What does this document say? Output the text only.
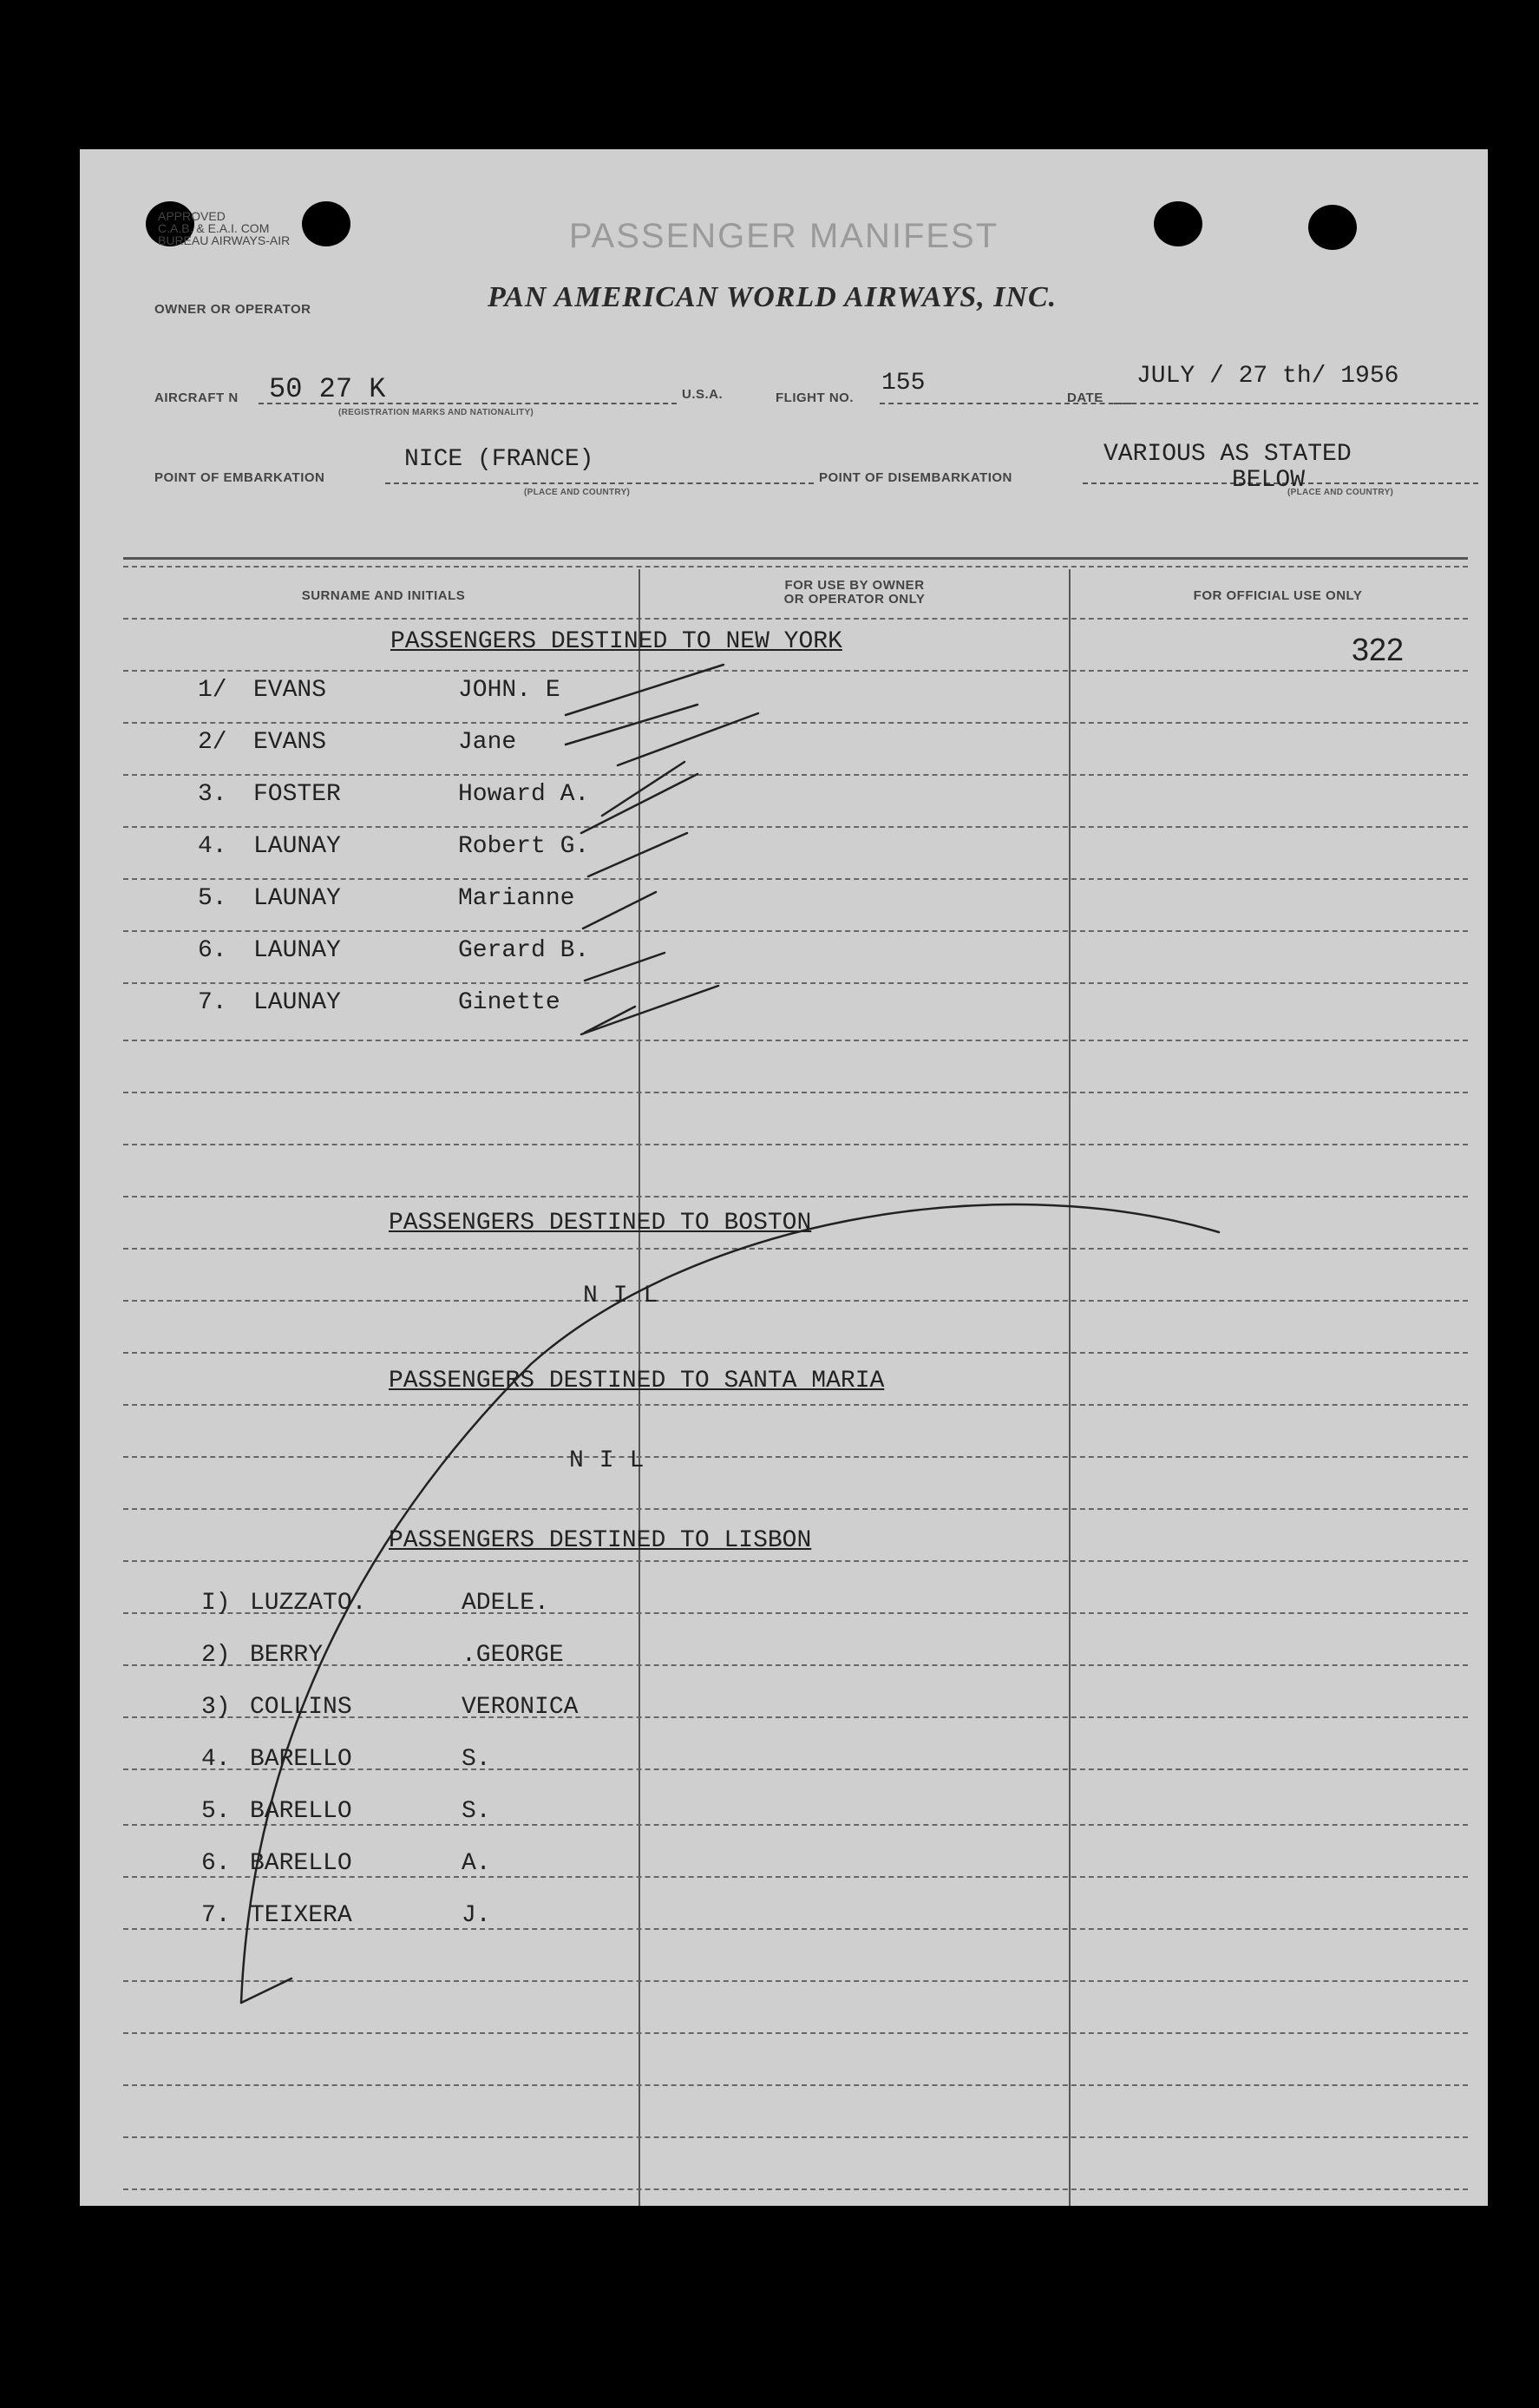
APPROVED
C.A.B. & E.A.I. COM
BUREAU AIRWAYS-AIR	PASSENGER MANIFEST
OWNER OR OPERATOR	PAN AMERICAN WORLD AIRWAYS, INC.
AIRCRAFT N 50 27 K
(REGISTRATION MARKS AND NATIONALITY)
U.S.A.	FLIGHT NO.
155
DATE
JULY / 27 th/ 1956
POINT OF EMBARKATION
NICE (FRANCE)
(PLACE AND COUNTRY)
POINT OF DISEMBARKATION
VARIOUS AS STATED
BELOW
(PLACE AND COUNTRY)
SURNAME AND INITIALS
FOR USE BY OWNER
OR OPERATOR ONLY	FOR OFFICIAL USE ONLY
322
PASSENGERS DESTINED TO NEW YORK
1/ EVANS	JOHN. E
2/ EVANS	Jane
3. FOSTER	Howard A.
4. LAUNAY	Robert G.
5. LAUNAY	Marianne
6. LAUNAY	Gerard B.
7. LAUNAY	Ginette
PASSENGERS DESTINED TO BOSTON
NIL
PASSENGERS DESTINED TO SANTA MARIA
NIL
PASSENGERS DESTINED TO LISBON
I) LUZZATO.	ADELE.
2) BERRY	.GEORGE
3) COLLINS	VERONICA
4. BARELLO	S.
5. BARELLO	S.
6. BARELLO	A.
7. TEIXERA	J.
